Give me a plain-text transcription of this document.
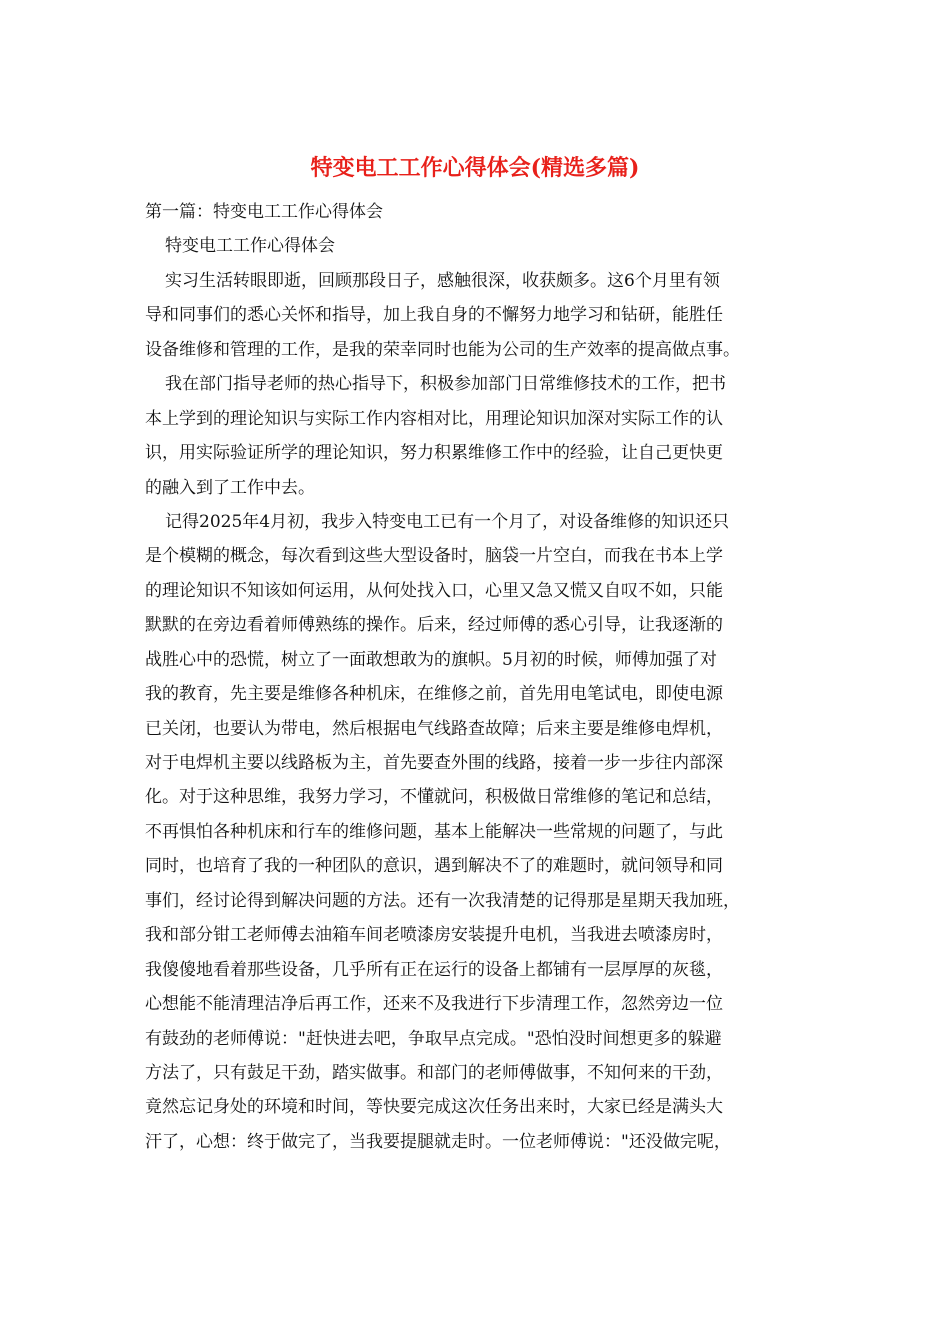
特变电工工作心得体会(精选多篇)
第一篇：特变电工工作心得体会
特变电工工作心得体会
实习生活转眼即逝，回顾那段日子，感触很深，收获颇多。这6个月里有领
导和同事们的悉心关怀和指导，加上我自身的不懈努力地学习和钻研，能胜任
设备维修和管理的工作，是我的荣幸同时也能为公司的生产效率的提高做点事。
我在部门指导老师的热心指导下，积极参加部门日常维修技术的工作，把书
本上学到的理论知识与实际工作内容相对比，用理论知识加深对实际工作的认
识，用实际验证所学的理论知识，努力积累维修工作中的经验，让自己更快更
的融入到了工作中去。
记得2025年4月初，我步入特变电工已有一个月了，对设备维修的知识还只
是个模糊的概念，每次看到这些大型设备时，脑袋一片空白，而我在书本上学
的理论知识不知该如何运用，从何处找入口，心里又急又慌又自叹不如，只能
默默的在旁边看着师傅熟练的操作。后来，经过师傅的悉心引导，让我逐渐的
战胜心中的恐慌，树立了一面敢想敢为的旗帜。5月初的时候，师傅加强了对
我的教育，先主要是维修各种机床，在维修之前，首先用电笔试电，即使电源
已关闭，也要认为带电，然后根据电气线路查故障；后来主要是维修电焊机，
对于电焊机主要以线路板为主，首先要查外围的线路，接着一步一步往内部深
化。对于这种思维，我努力学习，不懂就问，积极做日常维修的笔记和总结，
不再惧怕各种机床和行车的维修问题，基本上能解决一些常规的问题了，与此
同时，也培育了我的一种团队的意识，遇到解决不了的难题时，就问领导和同
事们，经讨论得到解决问题的方法。还有一次我清楚的记得那是星期天我加班，
我和部分钳工老师傅去油箱车间老喷漆房安装提升电机，当我进去喷漆房时，
我傻傻地看着那些设备，几乎所有正在运行的设备上都铺有一层厚厚的灰毯，
心想能不能清理洁净后再工作，还来不及我进行下步清理工作，忽然旁边一位
有鼓劲的老师傅说："赶快进去吧，争取早点完成。"恐怕没时间想更多的躲避
方法了，只有鼓足干劲，踏实做事。和部门的老师傅做事，不知何来的干劲，
竟然忘记身处的环境和时间，等快要完成这次任务出来时，大家已经是满头大
汗了，心想：终于做完了，当我要提腿就走时。一位老师傅说："还没做完呢，
